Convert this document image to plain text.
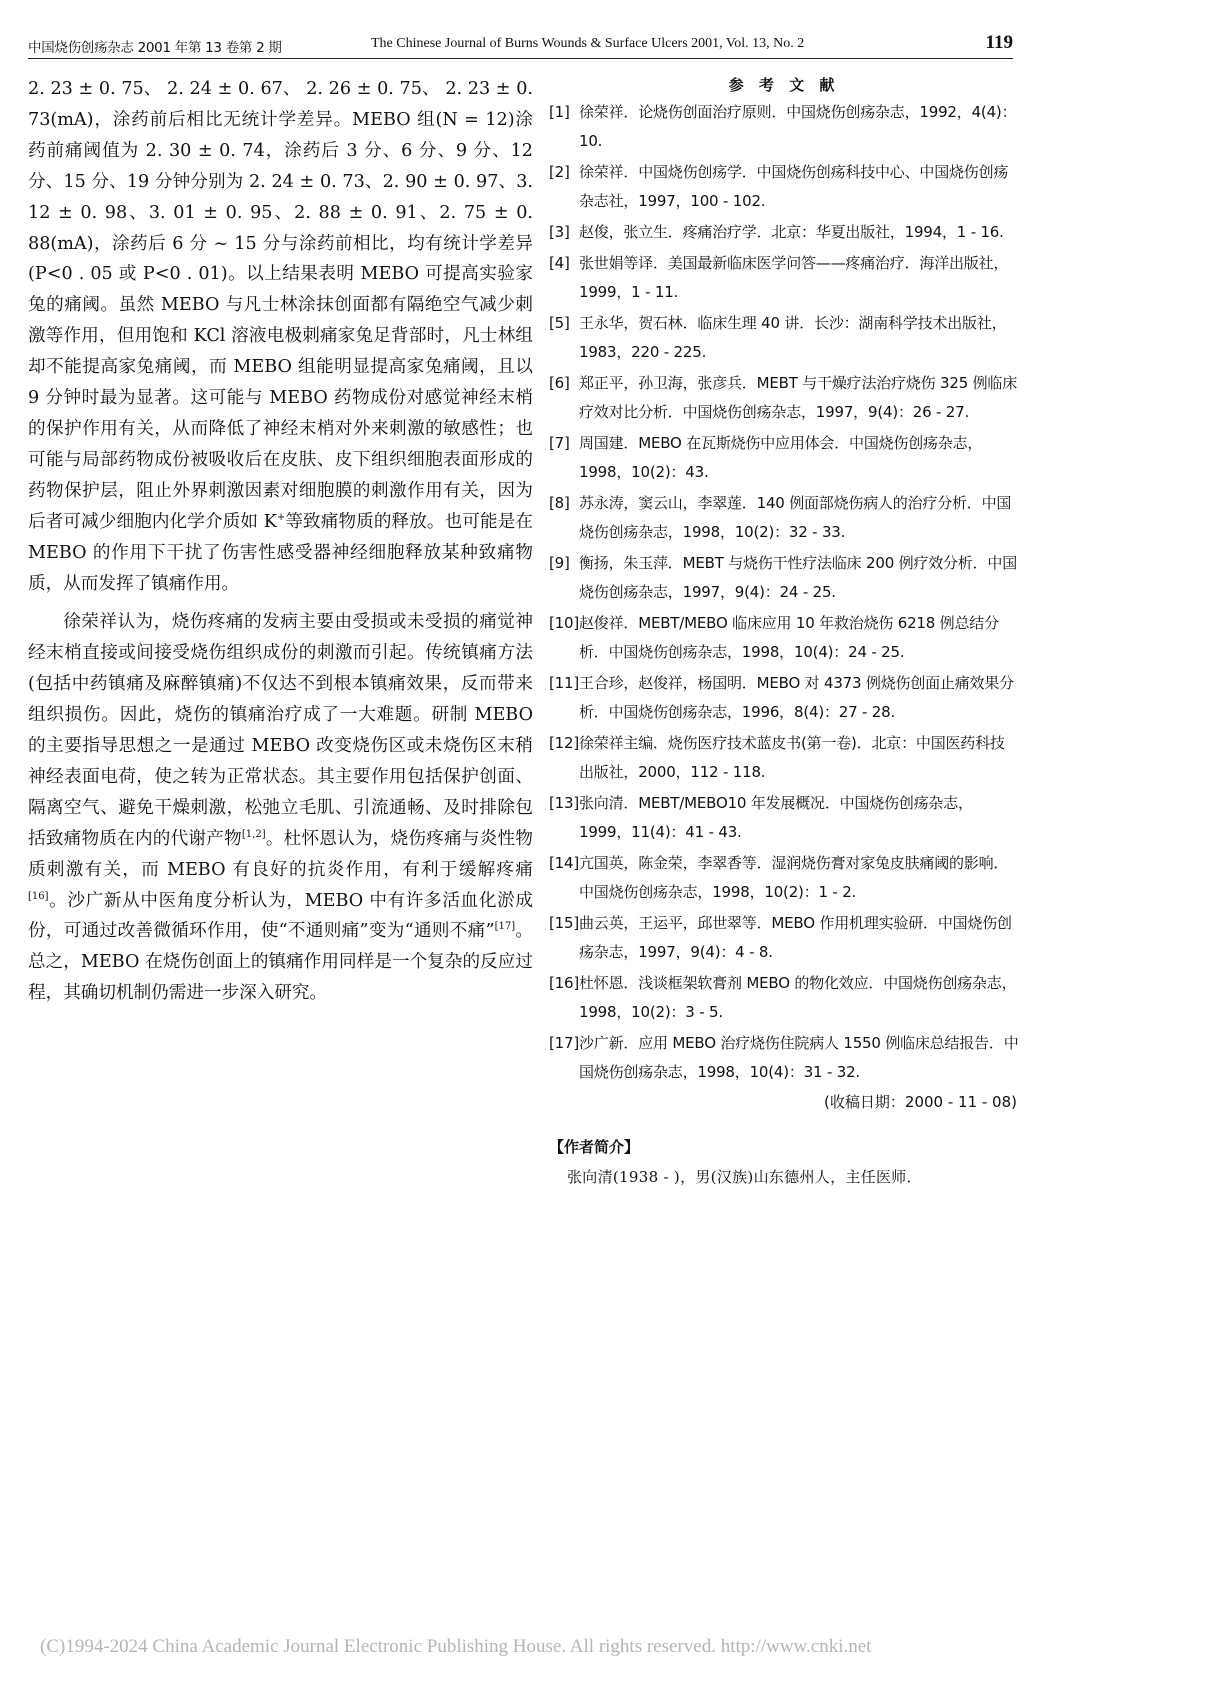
中国烧伤创疡杂志 2001 年第 13 卷第 2 期	The Chinese Journal of Burns Wounds & Surface Ulcers 2001, Vol. 13, No. 2	119

2. 23 ± 0. 75、 2. 24 ± 0. 67、 2. 26 ± 0. 75、 2. 23 ± 0. 73(mA)，涂药前后相比无统计学差异。MEBO 组(N = 12)涂药前痛阈值为 2. 30 ± 0. 74，涂药后 3 分、6 分、9 分、12 分、15 分、19 分钟分别为 2. 24 ± 0. 73、2. 90 ± 0. 97、3. 12 ± 0. 98、3. 01 ± 0. 95、2. 88 ± 0. 91、2. 75 ± 0. 88(mA)，涂药后 6 分 ~ 15 分与涂药前相比，均有统计学差异(P<0 . 05 或 P<0 . 01)。以上结果表明 MEBO 可提高实验家兔的痛阈。虽然 MEBO 与凡士林涂抹创面都有隔绝空气减少刺激等作用，但用饱和 KCl 溶液电极刺痛家兔足背部时，凡士林组却不能提高家兔痛阈，而 MEBO 组能明显提高家兔痛阈，且以 9 分钟时最为显著。这可能与 MEBO 药物成份对感觉神经末梢的保护作用有关，从而降低了神经末梢对外来刺激的敏感性；也可能与局部药物成份被吸收后在皮肤、皮下组织细胞表面形成的药物保护层，阻止外界刺激因素对细胞膜的刺激作用有关，因为后者可减少细胞内化学介质如 K+等致痛物质的释放。也可能是在 MEBO 的作用下干扰了伤害性感受器神经细胞释放某种致痛物质，从而发挥了镇痛作用。

徐荣祥认为，烧伤疼痛的发病主要由受损或未受损的痛觉神经末梢直接或间接受烧伤组织成份的刺激而引起。传统镇痛方法(包括中药镇痛及麻醉镇痛)不仅达不到根本镇痛效果，反而带来组织损伤。因此，烧伤的镇痛治疗成了一大难题。研制 MEBO 的主要指导思想之一是通过 MEBO 改变烧伤区或未烧伤区末稍神经表面电荷，使之转为正常状态。其主要作用包括保护创面、隔离空气、避免干燥刺激，松弛立毛肌、引流通畅、及时排除包括致痛物质在内的代谢产物[1,2]。杜怀恩认为，烧伤疼痛与炎性物质刺激有关，而 MEBO 有良好的抗炎作用，有利于缓解疼痛[16]。沙广新从中医角度分析认为，MEBO 中有许多活血化淤成份，可通过改善微循环作用，使“不通则痛”变为“通则不痛”[17]。总之，MEBO 在烧伤创面上的镇痛作用同样是一个复杂的反应过程，其确切机制仍需进一步深入研究。

参 考 文 献
[1] 徐荣祥．论烧伤创面治疗原则．中国烧伤创疡杂志，1992，4(4)：10.
[2] 徐荣祥．中国烧伤创疡学．中国烧伤创疡科技中心、中国烧伤创疡杂志社，1997，100 - 102.
[3] 赵俊，张立生．疼痛治疗学．北京：华夏出版社，1994，1 - 16.
[4] 张世娟等译．美国最新临床医学问答——疼痛治疗．海洋出版社，1999，1 - 11.
[5] 王永华，贺石林．临床生理 40 讲．长沙：湖南科学技术出版社，1983，220 - 225.
[6] 郑正平，孙卫海，张彦兵．MEBT 与干燥疗法治疗烧伤 325 例临床疗效对比分析．中国烧伤创疡杂志，1997，9(4)：26 - 27.
[7] 周国建．MEBO 在瓦斯烧伤中应用体会．中国烧伤创疡杂志，1998，10(2)：43.
[8] 苏永涛，窦云山，李翠莲．140 例面部烧伤病人的治疗分析．中国烧伤创疡杂志，1998，10(2)：32 - 33.
[9] 衡扬，朱玉萍．MEBT 与烧伤干性疗法临床 200 例疗效分析．中国烧伤创疡杂志，1997，9(4)：24 - 25.
[10] 赵俊祥．MEBT/MEBO 临床应用 10 年救治烧伤 6218 例总结分析．中国烧伤创疡杂志，1998，10(4)：24 - 25.
[11] 王合珍，赵俊祥，杨国明．MEBO 对 4373 例烧伤创面止痛效果分析．中国烧伤创疡杂志，1996，8(4)：27 - 28.
[12] 徐荣祥主编．烧伤医疗技术蓝皮书(第一卷)．北京：中国医药科技出版社，2000，112 - 118.
[13] 张向清．MEBT/MEBO10 年发展概况．中国烧伤创疡杂志，1999，11(4)：41 - 43.
[14] 亢国英，陈金荣，李翠香等．湿润烧伤膏对家兔皮肤痛阈的影响．中国烧伤创疡杂志，1998，10(2)：1 - 2.
[15] 曲云英，王运平，邱世翠等．MEBO 作用机理实验研．中国烧伤创疡杂志，1997，9(4)：4 - 8.
[16] 杜怀恩．浅谈框架软膏剂 MEBO 的物化效应．中国烧伤创疡杂志，1998，10(2)：3 - 5.
[17] 沙广新．应用 MEBO 治疗烧伤住院病人 1550 例临床总结报告．中国烧伤创疡杂志，1998，10(4)：31 - 32.
(收稿日期：2000 - 11 - 08)
【作者简介】
张向清(1938 - )，男(汉族)山东德州人，主任医师．
(C)1994-2024 China Academic Journal Electronic Publishing House. All rights reserved. http://www.cnki.net
